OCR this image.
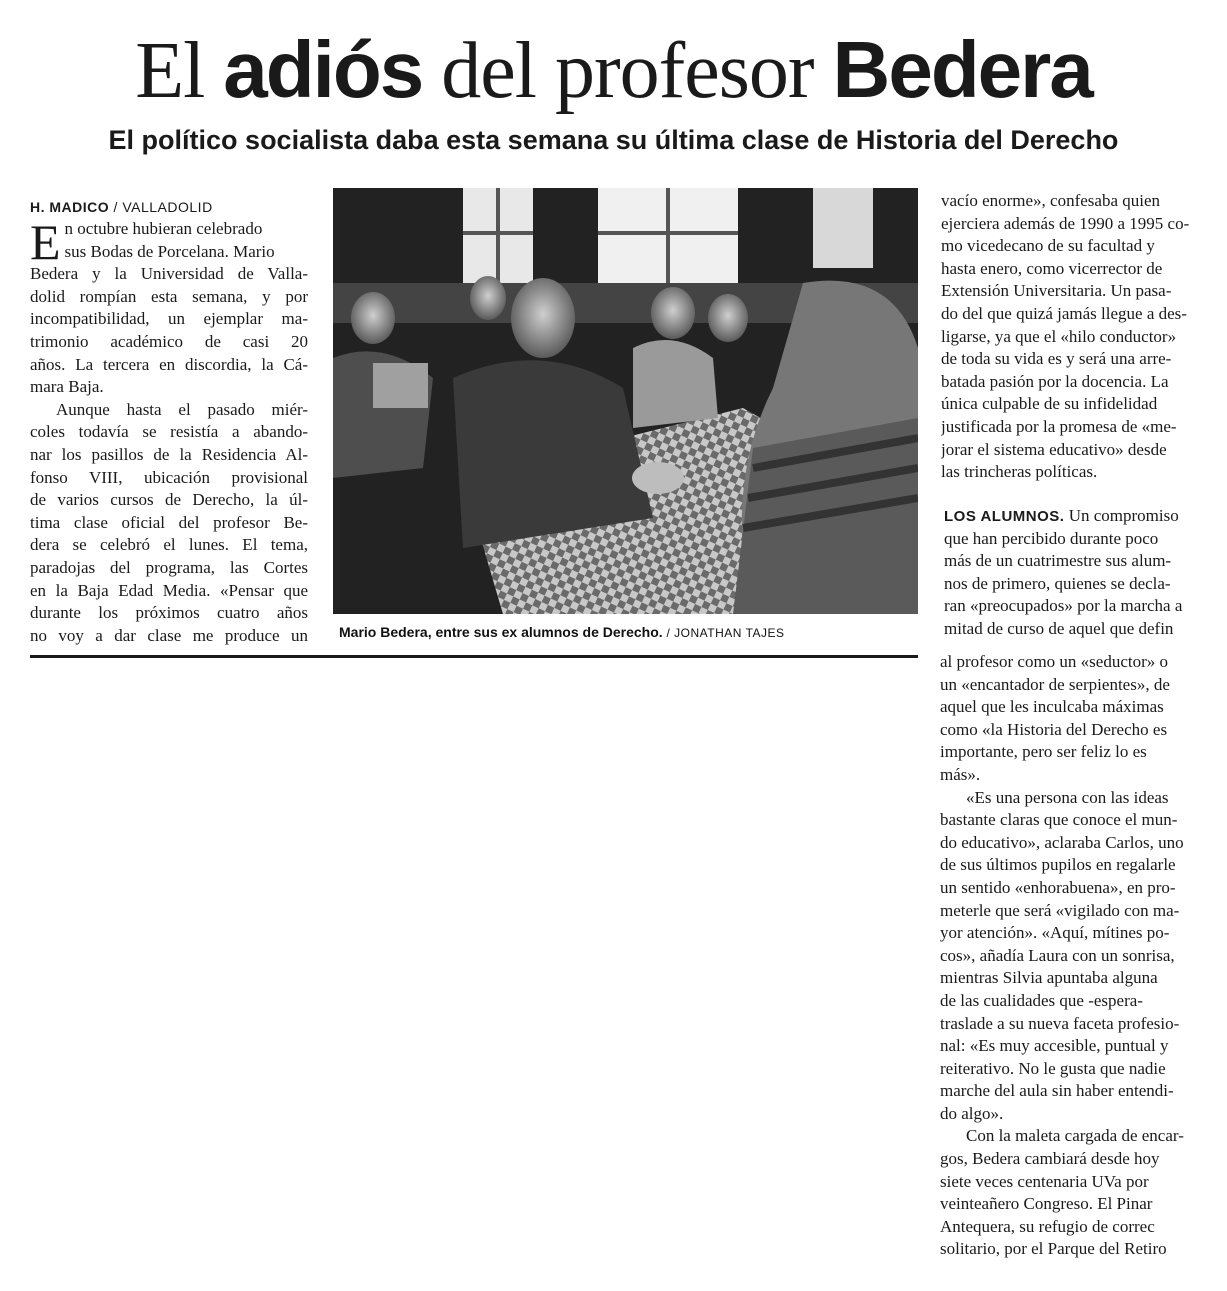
El adiós del profesor Bedera
El político socialista daba esta semana su última clase de Historia del Derecho
H. MADICO / VALLADOLID
E n octubre hubieran celebrado
sus Bodas de Porcelana. Mario
Bedera y la Universidad de Valla-
dolid rompían esta semana, y por
incompatibilidad, un ejemplar ma-
trimonio académico de casi 20
años. La tercera en discordia, la Cá-
mara Baja.
Aunque hasta el pasado miér-
coles todavía se resistía a abando-
nar los pasillos de la Residencia Al-
fonso VIII, ubicación provisional
de varios cursos de Derecho, la úl-
tima clase oficial del profesor Be-
dera se celebró el lunes. El tema,
paradojas del programa, las Cortes
en la Baja Edad Media. «Pensar que
durante los próximos cuatro años
no voy a dar clase me produce un Mario Bedera, entre sus ex alumnos de Derecho. / JONATHAN TAJES
vacío enorme», confesaba quien
ejerciera además de 1990 a 1995 co-
mo vicedecano de su facultad y
hasta enero, como vicerrector de
Extensión Universitaria. Un pasa-
do del que quizá jamás llegue a des-
ligarse, ya que el «hilo conductor»
de toda su vida es y será una arre-
batada pasión por la docencia. La
única culpable de su infidelidad
justificada por la promesa de «me-
jorar el sistema educativo» desde
las trincheras políticas.
LOS ALUMNOS. Un compromiso
que han percibido durante poco
más de un cuatrimestre sus alum-
nos de primero, quienes se decla-
ran «preocupados» por la marcha a
mitad de curso de aquel que defin
al profesor como un «seductor» o
un «encantador de serpientes», de
aquel que les inculcaba máximas
como «la Historia del Derecho es
importante, pero ser feliz lo es
más».
«Es una persona con las ideas
bastante claras que conoce el mun-
do educativo», aclaraba Carlos, uno
de sus últimos pupilos en regalarle
un sentido «enhorabuena», en pro-
meterle que será «vigilado con ma-
yor atención». «Aquí, mítines po-
cos», añadía Laura con un sonrisa,
mientras Silvia apuntaba alguna
de las cualidades que -espera-
traslade a su nueva faceta profesio-
nal: «Es muy accesible, puntual y
reiterativo. No le gusta que nadie
marche del aula sin haber entendi-
do algo».
Con la maleta cargada de encar-
gos, Bedera cambiará desde hoy
siete veces centenaria UVa por
veinteañero Congreso. El Pinar
Antequera, su refugio de correc
solitario, por el Parque del Retiro
